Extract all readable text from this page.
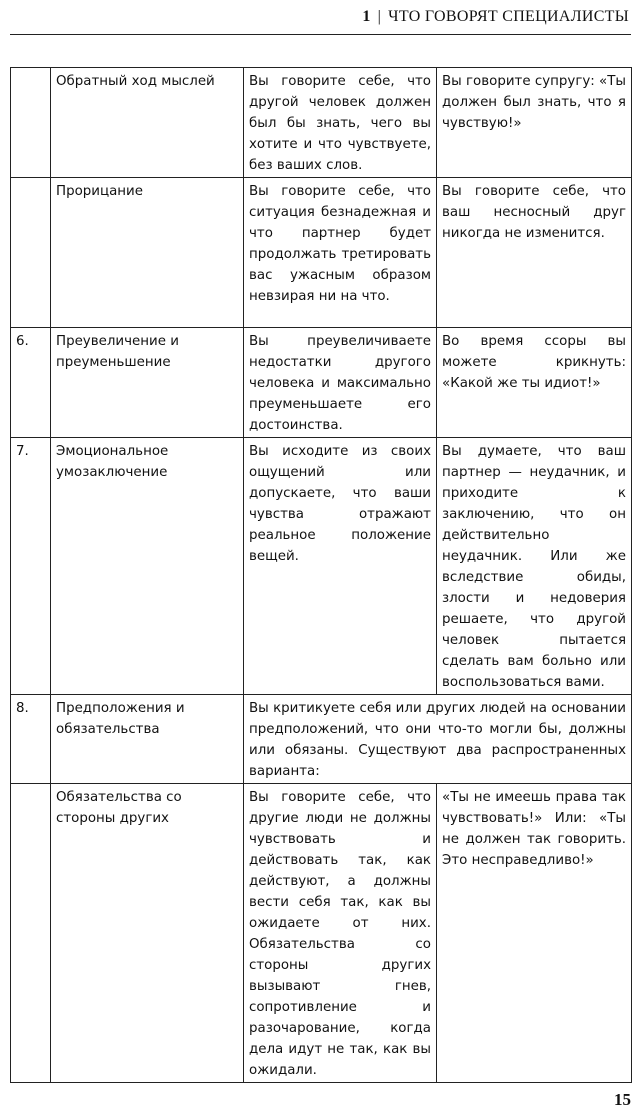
1 | ЧТО ГОВОРЯТ СПЕЦИАЛИСТЫ
	Обратный ход мыслей	Вы говорите себе, что другой человек должен был бы знать, чего вы хотите и что чувствуете, без ваших слов.	Вы говорите супругу: «Ты должен был знать, что я чувствую!»
	Прорицание	Вы говорите себе, что ситуация безнадежная и что партнер будет продолжать третировать вас ужасным образом невзирая ни на что.	Вы говорите себе, что ваш несносный друг никогда не изменится.
6.	Преувеличение и преуменьшение	Вы преувеличиваете недостатки другого человека и максимально преуменьшаете его достоинства.	Во время ссоры вы можете крикнуть: «Какой же ты идиот!»
7.	Эмоциональное умозаключение	Вы исходите из своих ощущений или допускаете, что ваши чувства отражают реальное положение вещей.	Вы думаете, что ваш партнер — неудачник, и приходите к заключению, что он действительно неудачник. Или же вследствие обиды, злости и недоверия решаете, что другой человек пытается сделать вам больно или воспользоваться вами.
8.	Предположения и обязательства	Вы критикуете себя или других людей на основании предположений, что они что-то могли бы, должны или обязаны. Существуют два распространенных варианта:	
	Обязательства со стороны других	Вы говорите себе, что другие люди не должны чувствовать и действовать так, как действуют, а должны вести себя так, как вы ожидаете от них. Обязательства со стороны других вызывают гнев, сопротивление и разочарование, когда дела идут не так, как вы ожидали.	«Ты не имеешь права так чувствовать!» Или: «Ты не должен так говорить. Это несправедливо!»
15
